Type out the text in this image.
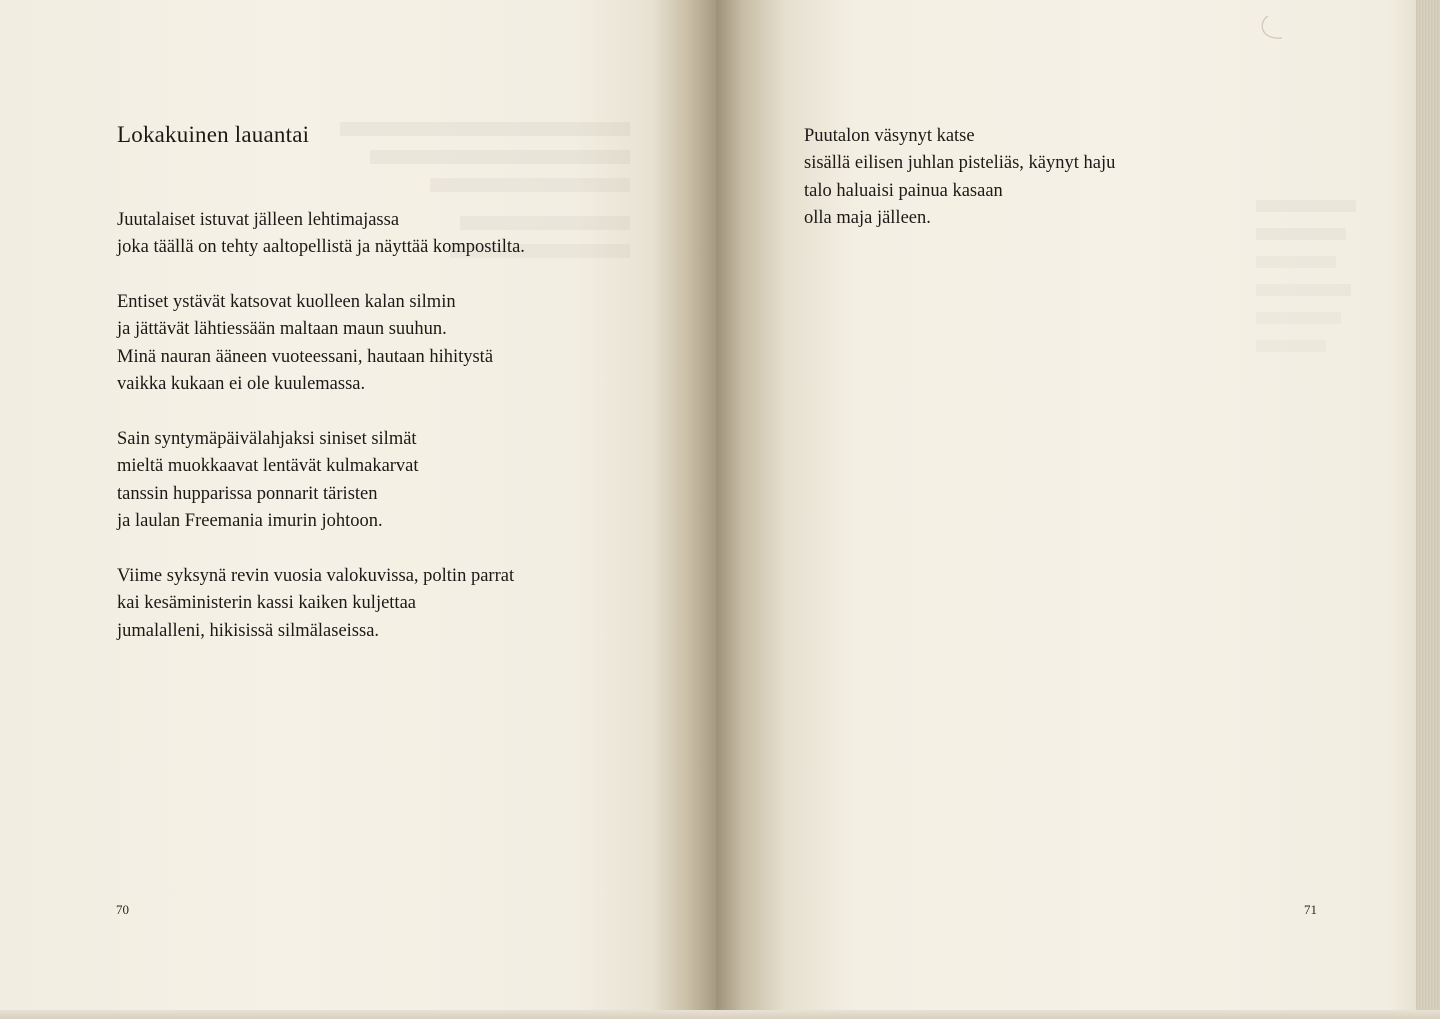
Lokakuinen lauantai
Juutalaiset istuvat jälleen lehtimajassa
joka täällä on tehty aaltopellistä ja näyttää kompostilta.
Entiset ystävät katsovat kuolleen kalan silmin
ja jättävät lähtiessään maltaan maun suuhun.
Minä nauran ääneen vuoteessani, hautaan hihitystä
vaikka kukaan ei ole kuulemassa.
Sain syntymäpäivälahjaksi siniset silmät
mieltä muokkaavat lentävät kulmakarvat
tanssin hupparissa ponnarit täristen
ja laulan Freemania imurin johtoon.
Viime syksynä revin vuosia valokuvissa, poltin parrat
kai kesäministerin kassi kaiken kuljettaa
jumalalleni, hikisissä silmälaseissa.
70
Puutalon väsynyt katse
sisällä eilisen juhlan pisteliäs, käynyt haju
talo haluaisi painua kasaan
olla maja jälleen.
71
